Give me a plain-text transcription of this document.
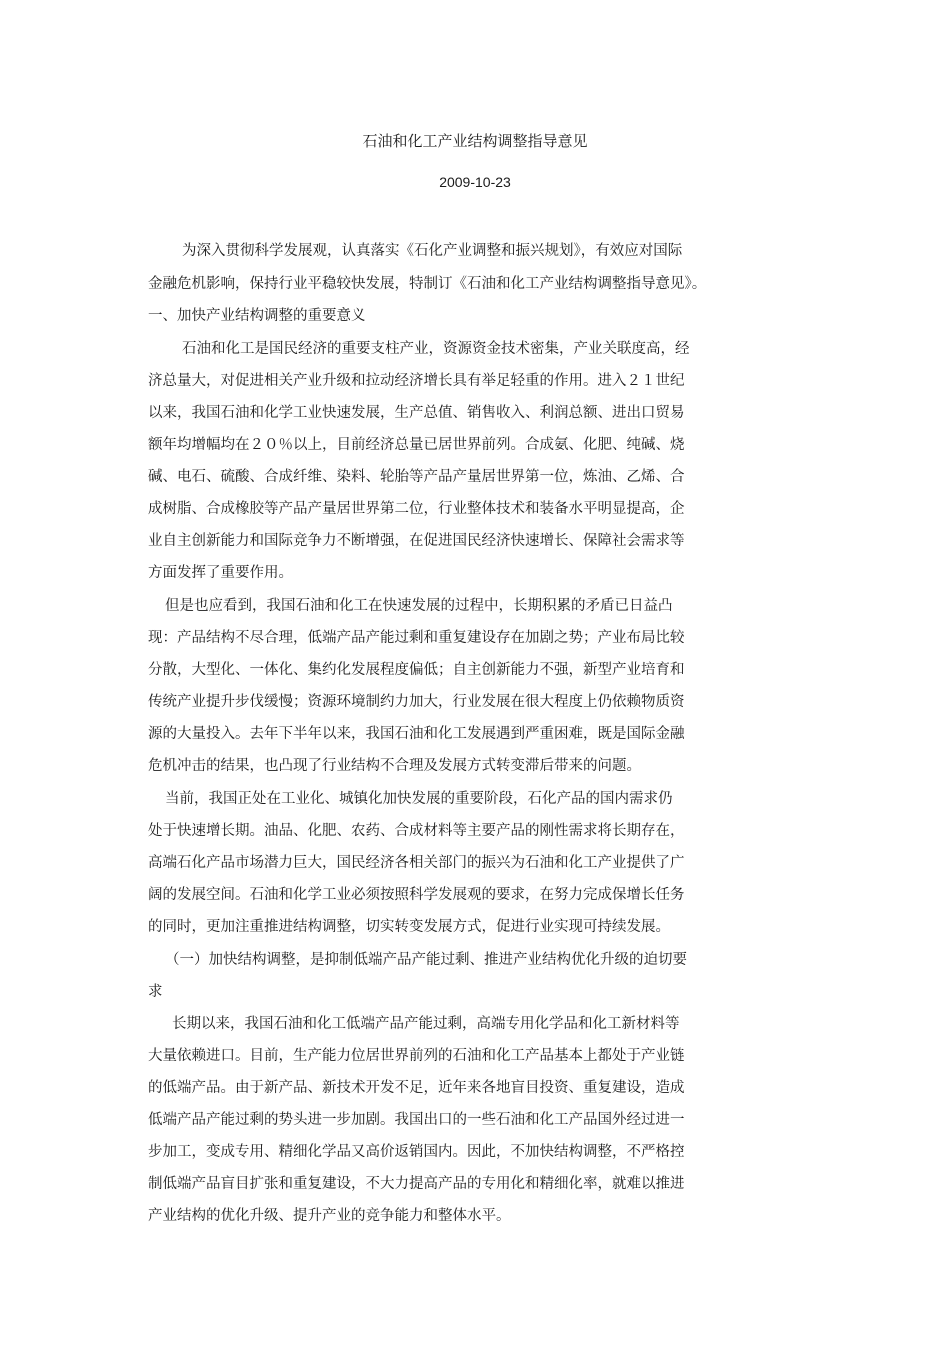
石油和化工产业结构调整指导意见
2009-10-23
为深入贯彻科学发展观，认真落实《石化产业调整和振兴规划》，有效应对国际
金融危机影响，保持行业平稳较快发展，特制订《石油和化工产业结构调整指导意见》。
一、加快产业结构调整的重要意义
石油和化工是国民经济的重要支柱产业，资源资金技术密集，产业关联度高，经
济总量大，对促进相关产业升级和拉动经济增长具有举足轻重的作用。进入２１世纪
以来，我国石油和化学工业快速发展，生产总值、销售收入、利润总额、进出口贸易
额年均增幅均在２０％以上，目前经济总量已居世界前列。合成氨、化肥、纯碱、烧
碱、电石、硫酸、合成纤维、染料、轮胎等产品产量居世界第一位，炼油、乙烯、合
成树脂、合成橡胶等产品产量居世界第二位，行业整体技术和装备水平明显提高，企
业自主创新能力和国际竞争力不断增强，在促进国民经济快速增长、保障社会需求等
方面发挥了重要作用。
但是也应看到，我国石油和化工在快速发展的过程中，长期积累的矛盾已日益凸
现：产品结构不尽合理，低端产品产能过剩和重复建设存在加剧之势；产业布局比较
分散，大型化、一体化、集约化发展程度偏低；自主创新能力不强，新型产业培育和
传统产业提升步伐缓慢；资源环境制约力加大，行业发展在很大程度上仍依赖物质资
源的大量投入。去年下半年以来，我国石油和化工发展遇到严重困难，既是国际金融
危机冲击的结果，也凸现了行业结构不合理及发展方式转变滞后带来的问题。
当前，我国正处在工业化、城镇化加快发展的重要阶段，石化产品的国内需求仍
处于快速增长期。油品、化肥、农药、合成材料等主要产品的刚性需求将长期存在，
高端石化产品市场潜力巨大，国民经济各相关部门的振兴为石油和化工产业提供了广
阔的发展空间。石油和化学工业必须按照科学发展观的要求，在努力完成保增长任务
的同时，更加注重推进结构调整，切实转变发展方式，促进行业实现可持续发展。
（一）加快结构调整，是抑制低端产品产能过剩、推进产业结构优化升级的迫切要
求
长期以来，我国石油和化工低端产品产能过剩，高端专用化学品和化工新材料等
大量依赖进口。目前，生产能力位居世界前列的石油和化工产品基本上都处于产业链
的低端产品。由于新产品、新技术开发不足，近年来各地盲目投资、重复建设，造成
低端产品产能过剩的势头进一步加剧。我国出口的一些石油和化工产品国外经过进一
步加工，变成专用、精细化学品又高价返销国内。因此，不加快结构调整，不严格控
制低端产品盲目扩张和重复建设，不大力提高产品的专用化和精细化率，就难以推进
产业结构的优化升级、提升产业的竞争能力和整体水平。
